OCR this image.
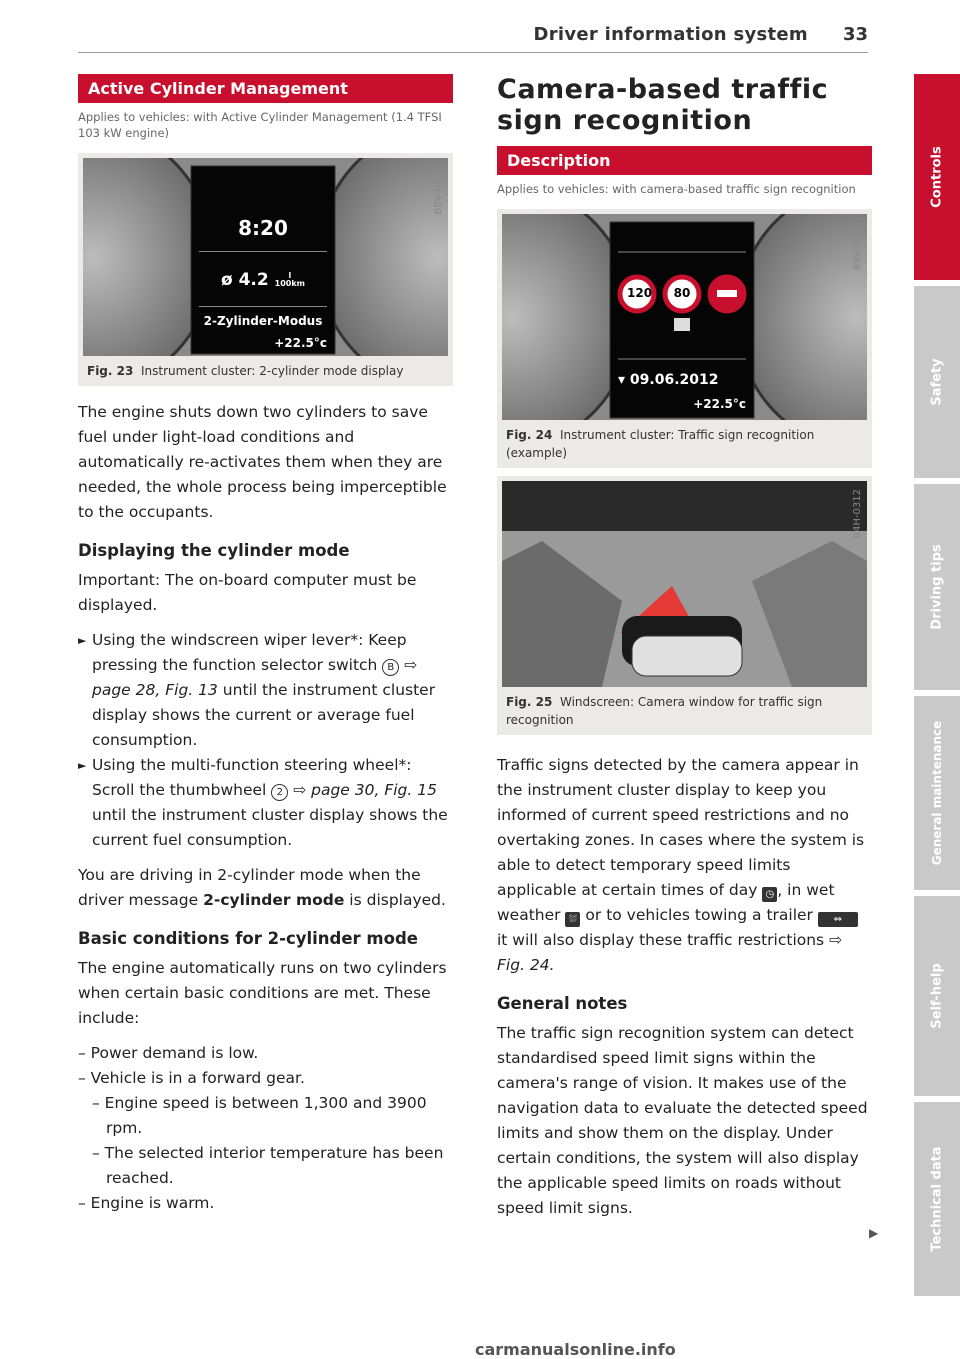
Driver information system 33
Active Cylinder Management
Applies to vehicles: with Active Cylinder Management (1.4 TFSI 103 kW engine)
8:20
ø 4.2 l
100km
2-Zylinder-Modus
+22.5°c
B8V-0179
Fig. 23 Instrument cluster: 2-cylinder mode display

The engine shuts down two cylinders to save fuel under light-load conditions and automatically re-activates them when they are needed, the whole process being imperceptible to the occupants.

Displaying the cylinder mode

Important: The on-board computer must be displayed.

► Using the windscreen wiper lever*: Keep pressing the function selector switch B ⇨ page 28, Fig. 13 until the instrument cluster display shows the current or average fuel consumption.
► Using the multi-function steering wheel*: Scroll the thumbwheel 2 ⇨ page 30, Fig. 15 until the instrument cluster display shows the current fuel consumption.

You are driving in 2-cylinder mode when the driver message 2-cylinder mode is displayed.

Basic conditions for 2-cylinder mode

The engine automatically runs on two cylinders when certain basic conditions are met. These include:

– Power demand is low.
– Vehicle is in a forward gear.
– Engine speed is between 1,300 and 3900 rpm.
– The selected interior temperature has been reached.
– Engine is warm.
Camera-based traffic sign recognition
Description
Applies to vehicles: with camera-based traffic sign recognition
120 80
▾ 09.06.2012
+22.5°c
B8V-0085
Fig. 24 Instrument cluster: Traffic sign recognition (example)
B4H-0312
Fig. 25 Windscreen: Camera window for traffic sign recognition

Traffic signs detected by the camera appear in the instrument cluster display to keep you informed of current speed restrictions and no overtaking zones. In cases where the system is able to detect temporary speed limits applicable at certain times of day ◷ , in wet weather ⛆ or to vehicles towing a trailer ⇔ it will also display these traffic restrictions ⇨ Fig. 24.

General notes

The traffic sign recognition system can detect standardised speed limit signs within the camera's range of vision. It makes use of the navigation data to evaluate the detected speed limits and show them on the display. Under certain conditions, the system will also display the applicable speed limits on roads without speed limit signs.

▶
Controls
Safety
Driving tips
General maintenance
Self-help
Technical data
carmanualsonline.info
